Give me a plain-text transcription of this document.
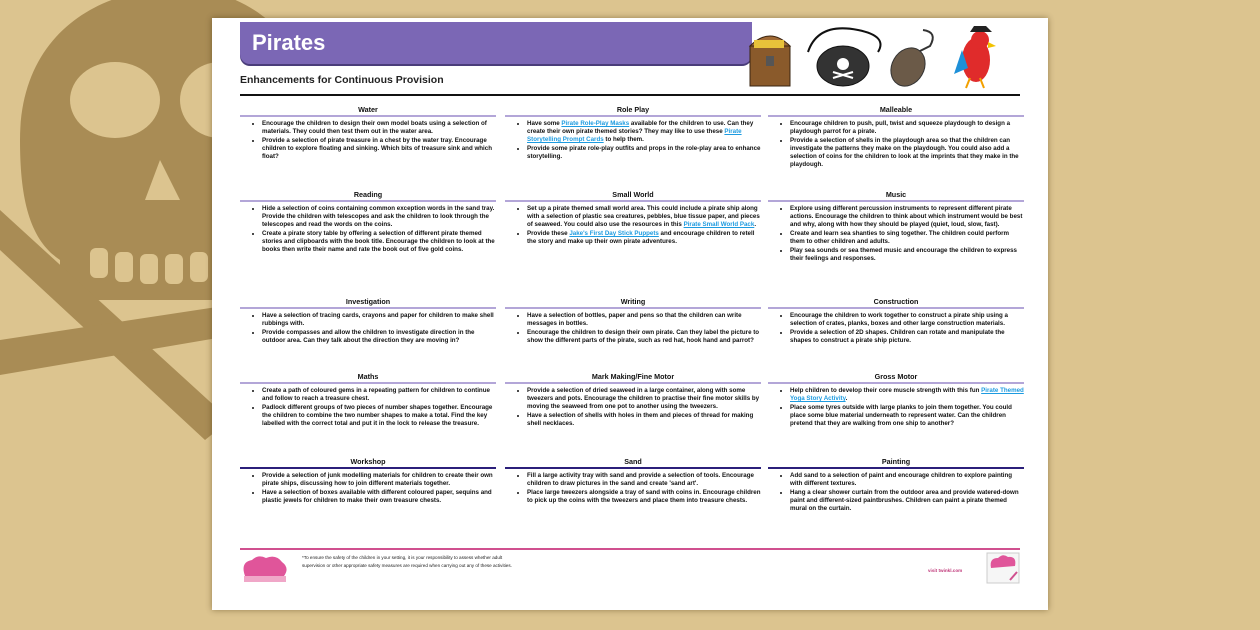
Pirates
Enhancements for Continuous Provision
*To ensure the safety of the children in your setting, it is your responsibility to assess whether adult supervision or other appropriate safety measures are required when carrying out any of these activities.
visit twinkl.com
Water
• Encourage the children to design their own model boats using a selection of materials. They could then test them out in the water area.
• Provide a selection of pirate treasure in a chest by the water tray. Encourage children to explore floating and sinking. Which bits of treasure sink and which float?
Reading
• Hide a selection of coins containing common exception words in the sand tray. Provide the children with telescopes and ask the children to look through the telescopes and read the words on the coins.
• Create a pirate story table by offering a selection of different pirate themed stories and clipboards with the book title. Encourage the children to look at the books then write their name and rate the book out of five gold coins.
Investigation
• Have a selection of tracing cards, crayons and paper for children to make shell rubbings with.
• Provide compasses and allow the children to investigate direction in the outdoor area. Can they talk about the direction they are moving in?
Maths
• Create a path of coloured gems in a repeating pattern for children to continue and follow to reach a treasure chest.
• Padlock different groups of two pieces of number shapes together. Encourage the children to combine the two number shapes to make a total. Find the key labelled with the correct total and put it in the lock to release the treasure.
Workshop
• Provide a selection of junk modelling materials for children to create their own pirate ships, discussing how to join different materials together.
• Have a selection of boxes available with different coloured paper, sequins and plastic jewels for children to make their own treasure chests.
Role Play
• Have some Pirate Role-Play Masks available for the children to use. Can they create their own pirate themed stories? They may like to use these Pirate Storytelling Prompt Cards to help them.
• Provide some pirate role-play outfits and props in the role-play area to enhance storytelling.
Small World
• Set up a pirate themed small world area. This could include a pirate ship along with a selection of plastic sea creatures, pebbles, blue tissue paper, and pieces of seaweed. You could also use the resources in this Pirate Small World Pack.
• Provide these Jake's First Day Stick Puppets and encourage children to retell the story and make up their own pirate adventures.
Writing
• Have a selection of bottles, paper and pens so that the children can write messages in bottles.
• Encourage the children to design their own pirate. Can they label the picture to show the different parts of the pirate, such as red hat, hook hand and parrot?
Mark Making/Fine Motor
• Provide a selection of dried seaweed in a large container, along with some tweezers and pots. Encourage the children to practise their fine motor skills by moving the seaweed from one pot to another using the tweezers.
• Have a selection of shells with holes in them and pieces of thread for making shell necklaces.
Sand
• Fill a large activity tray with sand and provide a selection of tools. Encourage children to draw pictures in the sand and create 'sand art'.
• Place large tweezers alongside a tray of sand with coins in. Encourage children to pick up the coins with the tweezers and place them into treasure chests.
Malleable
• Encourage children to push, pull, twist and squeeze playdough to design a playdough parrot for a pirate.
• Provide a selection of shells in the playdough area so that the children can investigate the patterns they make on the playdough. You could also add a selection of coins for the children to look at the imprints that they make in the playdough.
Music
• Explore using different percussion instruments to represent different pirate actions. Encourage the children to think about which instrument would be best and why, along with how they should be played (quiet, loud, slow, fast).
• Create and learn sea shanties to sing together. The children could perform them to other children and adults.
• Play sea sounds or sea themed music and encourage the children to express their feelings and responses.
Construction
• Encourage the children to work together to construct a pirate ship using a selection of crates, planks, boxes and other large construction materials.
• Provide a selection of 2D shapes. Children can rotate and manipulate the shapes to construct a pirate ship picture.
Gross Motor
• Help children to develop their core muscle strength with this fun Pirate Themed Yoga Story Activity.
• Place some tyres outside with large planks to join them together. You could place some blue material underneath to represent water. Can the children pretend that they are walking from one ship to another?
Painting
• Add sand to a selection of paint and encourage children to explore painting with different textures.
• Hang a clear shower curtain from the outdoor area and provide watered-down paint and different-sized paintbrushes. Children can paint a pirate themed mural on the curtain.
